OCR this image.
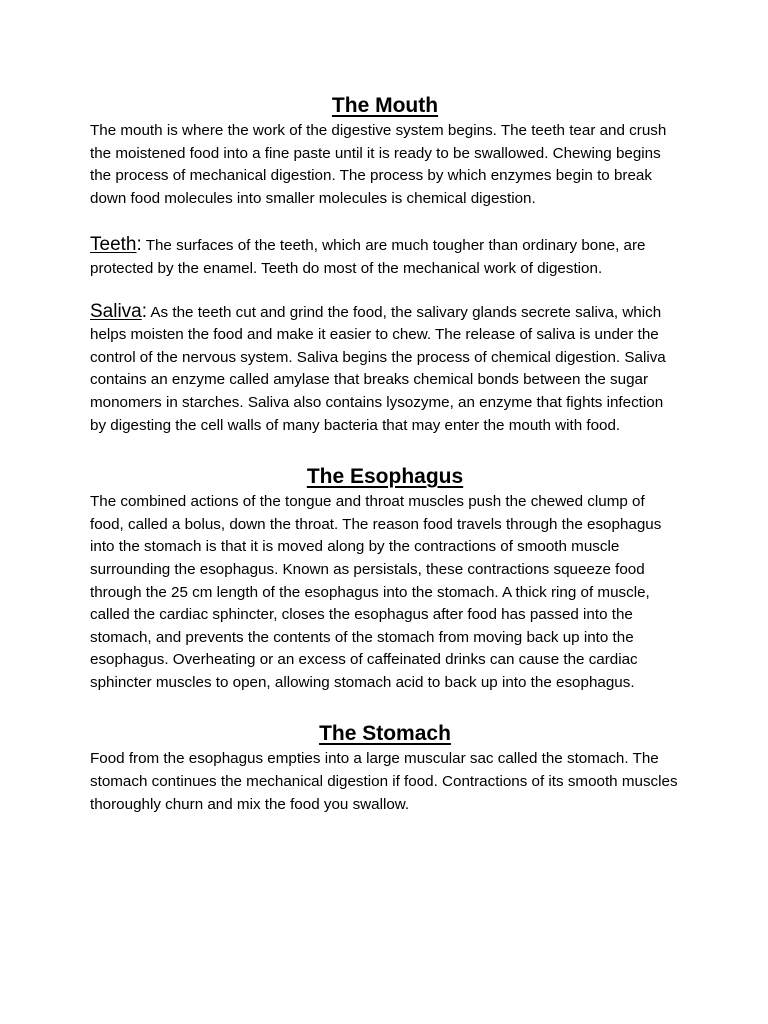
The Mouth

The mouth is where the work of the digestive system begins. The teeth tear and crush the moistened food into a fine paste until it is ready to be swallowed. Chewing begins the process of mechanical digestion. The process by which enzymes begin to break down food molecules into smaller molecules is chemical digestion.

Teeth: The surfaces of the teeth, which are much tougher than ordinary bone, are protected by the enamel. Teeth do most of the mechanical work of digestion.

Saliva: As the teeth cut and grind the food, the salivary glands secrete saliva, which helps moisten the food and make it easier to chew. The release of saliva is under the control of the nervous system. Saliva begins the process of chemical digestion. Saliva contains an enzyme called amylase that breaks chemical bonds between the sugar monomers in starches. Saliva also contains lysozyme, an enzyme that fights infection by digesting the cell walls of many bacteria that may enter the mouth with food.

The Esophagus

The combined actions of the tongue and throat muscles push the chewed clump of food, called a bolus, down the throat. The reason food travels through the esophagus into the stomach is that it is moved along by the contractions of smooth muscle surrounding the esophagus. Known as persistals, these contractions squeeze food through the 25 cm length of the esophagus into the stomach. A thick ring of muscle, called the cardiac sphincter, closes the esophagus after food has passed into the stomach, and prevents the contents of the stomach from moving back up into the esophagus. Overheating or an excess of caffeinated drinks can cause the cardiac sphincter muscles to open, allowing stomach acid to back up into the esophagus.

The Stomach

Food from the esophagus empties into a large muscular sac called the stomach. The stomach continues the mechanical digestion if food. Contractions of its smooth muscles thoroughly churn and mix the food you swallow.
